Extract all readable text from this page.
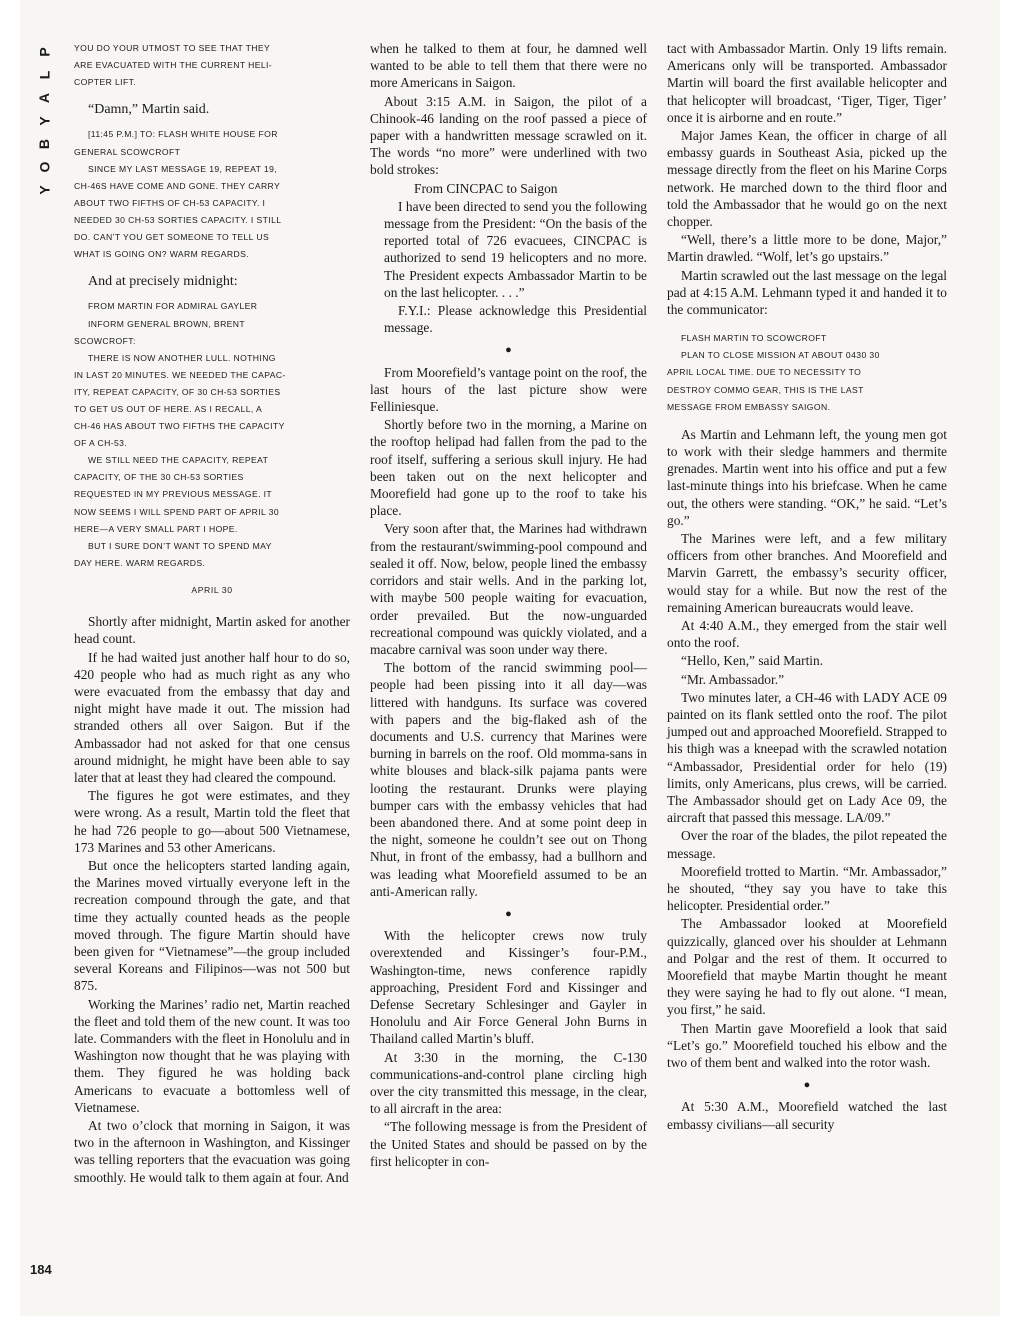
P
L
A
Y
B
O
Y

YOU DO YOUR UTMOST TO SEE THAT THEY

ARE EVACUATED WITH THE CURRENT HELI-

COPTER LIFT.

“Damn,” Martin said.

[11:45 P.M.] TO: FLASH WHITE HOUSE FOR

GENERAL SCOWCROFT

SINCE MY LAST MESSAGE 19, REPEAT 19,

CH-46S HAVE COME AND GONE. THEY CARRY

ABOUT TWO FIFTHS OF CH-53 CAPACITY. I

NEEDED 30 CH-53 SORTIES CAPACITY. I STILL

DO. CAN’T YOU GET SOMEONE TO TELL US

WHAT IS GOING ON? WARM REGARDS.

And at precisely midnight:

FROM MARTIN FOR ADMIRAL GAYLER

INFORM GENERAL BROWN, BRENT

SCOWCROFT:

THERE IS NOW ANOTHER LULL. NOTHING

IN LAST 20 MINUTES. WE NEEDED THE CAPAC-

ITY, REPEAT CAPACITY, OF 30 CH-53 SORTIES

TO GET US OUT OF HERE. AS I RECALL, A

CH-46 HAS ABOUT TWO FIFTHS THE CAPACITY

OF A CH-53.

WE STILL NEED THE CAPACITY, REPEAT

CAPACITY, OF THE 30 CH-53 SORTIES

REQUESTED IN MY PREVIOUS MESSAGE. IT

NOW SEEMS I WILL SPEND PART OF APRIL 30

HERE—A VERY SMALL PART I HOPE.

BUT I SURE DON’T WANT TO SPEND MAY

DAY HERE. WARM REGARDS.

APRIL 30

Shortly after midnight, Martin asked for another head count.

If he had waited just another half hour to do so, 420 people who had as much right as any who were evacuated from the embassy that day and night might have made it out. The mission had stranded others all over Saigon. But if the Ambassador had not asked for that one census around midnight, he might have been able to say later that at least they had cleared the compound.

The figures he got were estimates, and they were wrong. As a result, Martin told the fleet that he had 726 people to go—about 500 Vietnamese, 173 Marines and 53 other Americans.

But once the helicopters started landing again, the Marines moved virtually everyone left in the recreation compound through the gate, and that time they actually counted heads as the people moved through. The figure Martin should have been given for “Vietnamese”—the group included several Koreans and Filipinos—was not 500 but 875.

Working the Marines’ radio net, Martin reached the fleet and told them of the new count. It was too late. Commanders with the fleet in Honolulu and in Washington now thought that he was playing with them. They figured he was holding back Americans to evacuate a bottomless well of Vietnamese.

At two o’clock that morning in Saigon, it was two in the afternoon in Washington, and Kissinger was telling reporters that the evacuation was going smoothly. He would talk to them again at four. And

when he talked to them at four, he damned well wanted to be able to tell them that there were no more Americans in Saigon.

About 3:15 A.M. in Saigon, the pilot of a Chinook-46 landing on the roof passed a piece of paper with a handwritten message scrawled on it. The words “no more” were underlined with two bold strokes:

From CINCPAC to Saigon

I have been directed to send you the following message from the President: “On the basis of the reported total of 726 evacuees, CINCPAC is authorized to send 19 helicopters and no more. The President expects Ambassador Martin to be on the last helicopter. . . .”

F.Y.I.: Please acknowledge this Presidential message.

●

From Moorefield’s vantage point on the roof, the last hours of the last picture show were Felliniesque.

Shortly before two in the morning, a Marine on the rooftop helipad had fallen from the pad to the roof itself, suffering a serious skull injury. He had been taken out on the next helicopter and Moorefield had gone up to the roof to take his place.

Very soon after that, the Marines had withdrawn from the restaurant/swimming-pool compound and sealed it off. Now, below, people lined the embassy corridors and stair wells. And in the parking lot, with maybe 500 people waiting for evacuation, order prevailed. But the now-unguarded recreational compound was quickly violated, and a macabre carnival was soon under way there.

The bottom of the rancid swimming pool—people had been pissing into it all day—was littered with handguns. Its surface was covered with papers and the big-flaked ash of the documents and U.S. currency that Marines were burning in barrels on the roof. Old momma-sans in white blouses and black-silk pajama pants were looting the restaurant. Drunks were playing bumper cars with the embassy vehicles that had been abandoned there. And at some point deep in the night, someone he couldn’t see out on Thong Nhut, in front of the embassy, had a bullhorn and was leading what Moorefield assumed to be an anti-American rally.

●

With the helicopter crews now truly overextended and Kissinger’s four-P.M., Washington-time, news conference rapidly approaching, President Ford and Kissinger and Defense Secretary Schlesinger and Gayler in Honolulu and Air Force General John Burns in Thailand called Martin’s bluff.

At 3:30 in the morning, the C-130 communications-and-control plane circling high over the city transmitted this message, in the clear, to all aircraft in the area:

“The following message is from the President of the United States and should be passed on by the first helicopter in con-

tact with Ambassador Martin. Only 19 lifts remain. Americans only will be transported. Ambassador Martin will board the first available helicopter and that helicopter will broadcast, ‘Tiger, Tiger, Tiger’ once it is airborne and en route.”

Major James Kean, the officer in charge of all embassy guards in Southeast Asia, picked up the message directly from the fleet on his Marine Corps network. He marched down to the third floor and told the Ambassador that he would go on the next chopper.

“Well, there’s a little more to be done, Major,” Martin drawled. “Wolf, let’s go upstairs.”

Martin scrawled out the last message on the legal pad at 4:15 A.M. Lehmann typed it and handed it to the communicator:

FLASH MARTIN TO SCOWCROFT

PLAN TO CLOSE MISSION AT ABOUT 0430 30

APRIL LOCAL TIME. DUE TO NECESSITY TO

DESTROY COMMO GEAR, THIS IS THE LAST

MESSAGE FROM EMBASSY SAIGON.

As Martin and Lehmann left, the young men got to work with their sledge hammers and thermite grenades. Martin went into his office and put a few last-minute things into his briefcase. When he came out, the others were standing. “OK,” he said. “Let’s go.”

The Marines were left, and a few military officers from other branches. And Moorefield and Marvin Garrett, the embassy’s security officer, would stay for a while. But now the rest of the remaining American bureaucrats would leave.

At 4:40 A.M., they emerged from the stair well onto the roof.

“Hello, Ken,” said Martin.

“Mr. Ambassador.”

Two minutes later, a CH-46 with LADY ACE 09 painted on its flank settled onto the roof. The pilot jumped out and approached Moorefield. Strapped to his thigh was a kneepad with the scrawled notation “Ambassador, Presidential order for helo (19) limits, only Americans, plus crews, will be carried. The Ambassador should get on Lady Ace 09, the aircraft that passed this message. LA/09.”

Over the roar of the blades, the pilot repeated the message.

Moorefield trotted to Martin. “Mr. Ambassador,” he shouted, “they say you have to take this helicopter. Presidential order.”

The Ambassador looked at Moorefield quizzically, glanced over his shoulder at Lehmann and Polgar and the rest of them. It occurred to Moorefield that maybe Martin thought he meant they were saying he had to fly out alone. “I mean, you first,” he said.

Then Martin gave Moorefield a look that said “Let’s go.” Moorefield touched his elbow and the two of them bent and walked into the rotor wash.

●

At 5:30 A.M., Moorefield watched the last embassy civilians—all security

184
